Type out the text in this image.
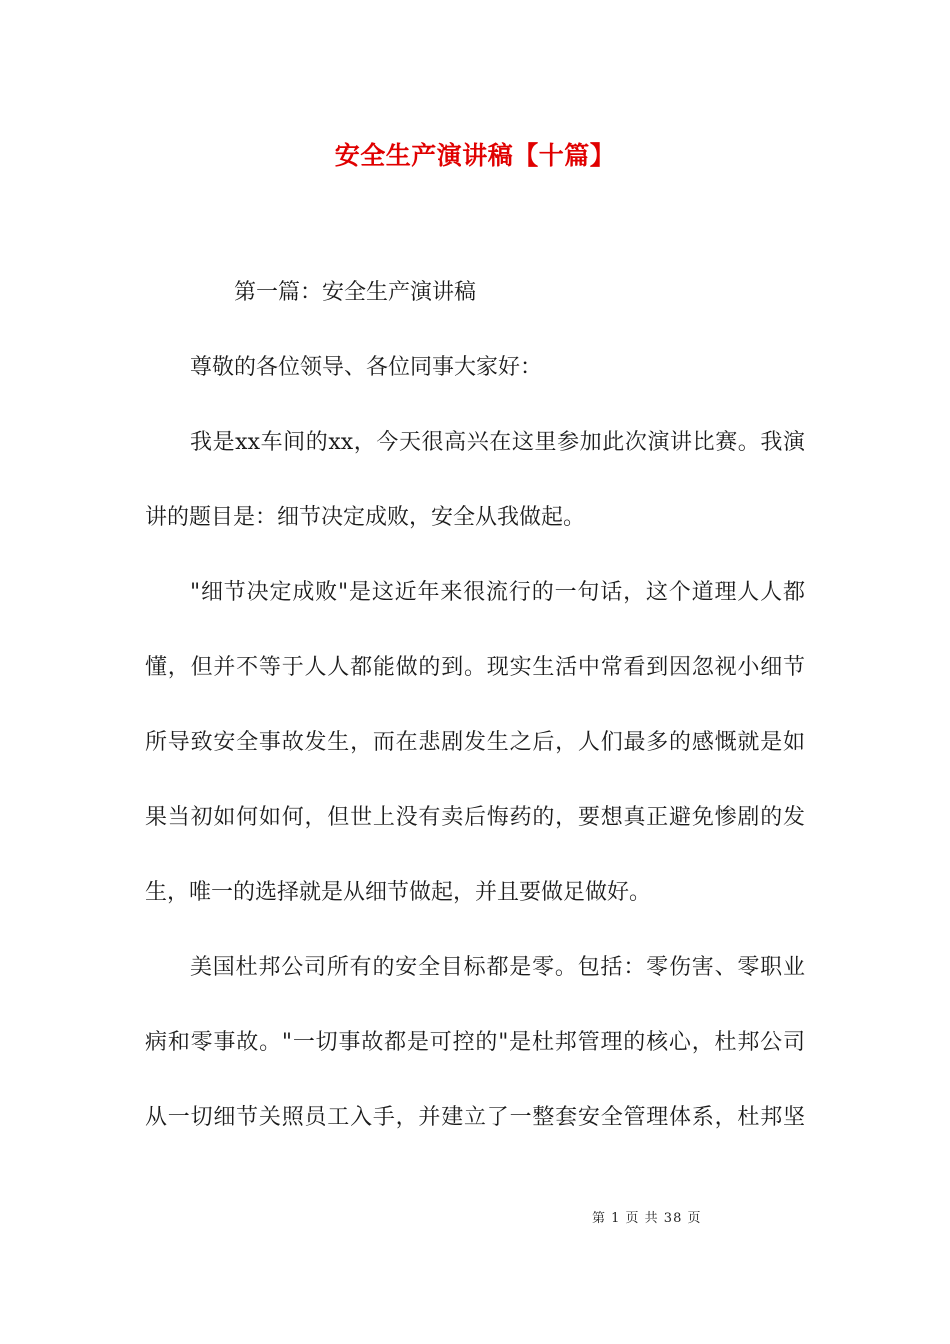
安全生产演讲稿【十篇】
第一篇：安全生产演讲稿
尊敬的各位领导、各位同事大家好：
我是xx车间的xx，今天很高兴在这里参加此次演讲比赛。我演
讲的题目是：细节决定成败，安全从我做起。
"细节决定成败"是这近年来很流行的一句话，这个道理人人都
懂，但并不等于人人都能做的到。现实生活中常看到因忽视小细节
所导致安全事故发生，而在悲剧发生之后，人们最多的感慨就是如
果当初如何如何，但世上没有卖后悔药的，要想真正避免惨剧的发
生，唯一的选择就是从细节做起，并且要做足做好。
美国杜邦公司所有的安全目标都是零。包括：零伤害、零职业
病和零事故。"一切事故都是可控的"是杜邦管理的核心，杜邦公司
从一切细节关照员工入手，并建立了一整套安全管理体系，杜邦坚
第 1 页 共 38 页
